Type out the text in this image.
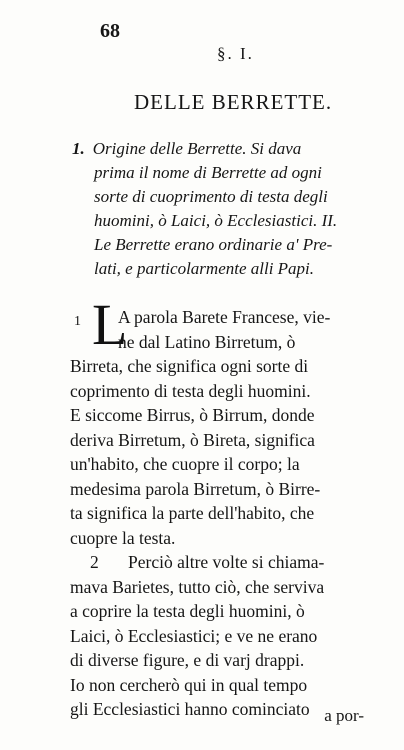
68
§. I.
DELLE BERRETTE.
1. Origine delle Berrette. Si dava
prima il nome di Berrette ad ogni
sorte di cuoprimento di testa degli
huomini, ò Laici, ò Ecclesiastici. II.
Le Berrette erano ordinarie a' Pre-
lati, e particolarmente alli Papi.
1 L
A parola Barete Francese, vie-
ne dal Latino Birretum, ò
Birreta, che significa ogni sorte di
coprimento di testa degli huomini.
E siccome Birrus, ò Birrum, donde
deriva Birretum, ò Bireta, significa
un'habito, che cuopre il corpo; la
medesima parola Birretum, ò Birre-
ta significa la parte dell'habito, che
cuopre la testa.
2 Perciò altre volte si chiama-
mava Barietes, tutto ciò, che serviva
a coprire la testa degli huomini, ò
Laici, ò Ecclesiastici; e ve ne erano
di diverse figure, e di varj drappi.
Io non cercherò qui in qual tempo
gli Ecclesiastici hanno cominciato a por-
